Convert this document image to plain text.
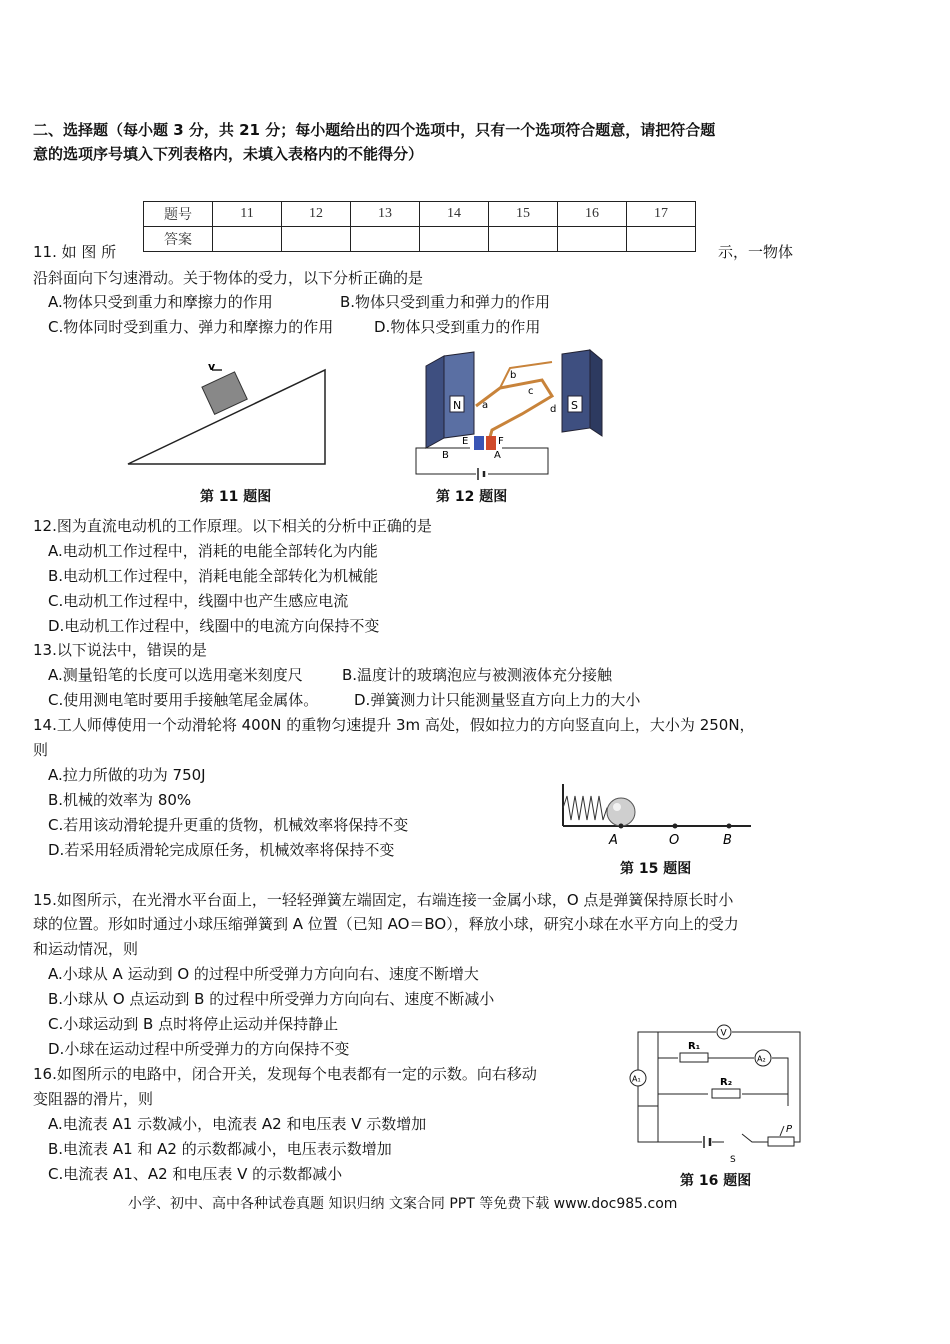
二、选择题（每小题 3 分，共 21 分；每小题给出的四个选项中，只有一个选项符合题意，请把符合题
意的选项序号填入下列表格内，未填入表格内的不能得分）
题号	11	12	13	14	15	16	17
答案							
11. 如 图 所	示，一物体
沿斜面向下匀速滑动。关于物体的受力，以下分析正确的是
A.物体只受到重力和摩擦力的作用	B.物体只受到重力和弹力的作用
C.物体同时受到重力、弹力和摩擦力的作用	D.物体只受到重力的作用
v
第 11 题图
N	S
a
b
c
d
E	F
B	A
第 12 题图
12.图为直流电动机的工作原理。以下相关的分析中正确的是
A.电动机工作过程中，消耗的电能全部转化为内能
B.电动机工作过程中，消耗电能全部转化为机械能
C.电动机工作过程中，线圈中也产生感应电流
D.电动机工作过程中，线圈中的电流方向保持不变
13.以下说法中，错误的是
A.测量铅笔的长度可以选用毫米刻度尺	B.温度计的玻璃泡应与被测液体充分接触
C.使用测电笔时要用手接触笔尾金属体。 D.弹簧测力计只能测量竖直方向上力的大小
14.工人师傅使用一个动滑轮将 400N 的重物匀速提升 3m 高处，假如拉力的方向竖直向上，大小为 250N，
则
A.拉力所做的功为 750J
B.机械的效率为 80%
C.若用该动滑轮提升更重的货物，机械效率将保持不变
D.若采用轻质滑轮完成原任务，机械效率将保持不变
A	O	B
第 15 题图
15.如图所示，在光滑水平台面上，一轻轻弹簧左端固定，右端连接一金属小球，O 点是弹簧保持原长时小
球的位置。形如时通过小球压缩弹簧到 A 位置（已知 AO＝BO），释放小球，研究小球在水平方向上的受力
和运动情况，则
A.小球从 A 运动到 O 的过程中所受弹力方向向右、速度不断增大
B.小球从 O 点运动到 B 的过程中所受弹力方向向右、速度不断减小
C.小球运动到 B 点时将停止运动并保持静止
D.小球在运动过程中所受弹力的方向保持不变	R₁
R₂
V
A₂
A₁
S
P
第 16 题图
16.如图所示的电路中，闭合开关，发现每个电表都有一定的示数。向右移动
变阻器的滑片，则
A.电流表 A1 示数减小，电流表 A2 和电压表 V 示数增加
B.电流表 A1 和 A2 的示数都减小，电压表示数增加
C.电流表 A1、A2 和电压表 V 的示数都减小
小学、初中、高中各种试卷真题 知识归纳 文案合同 PPT 等免费下载 www.doc985.com
